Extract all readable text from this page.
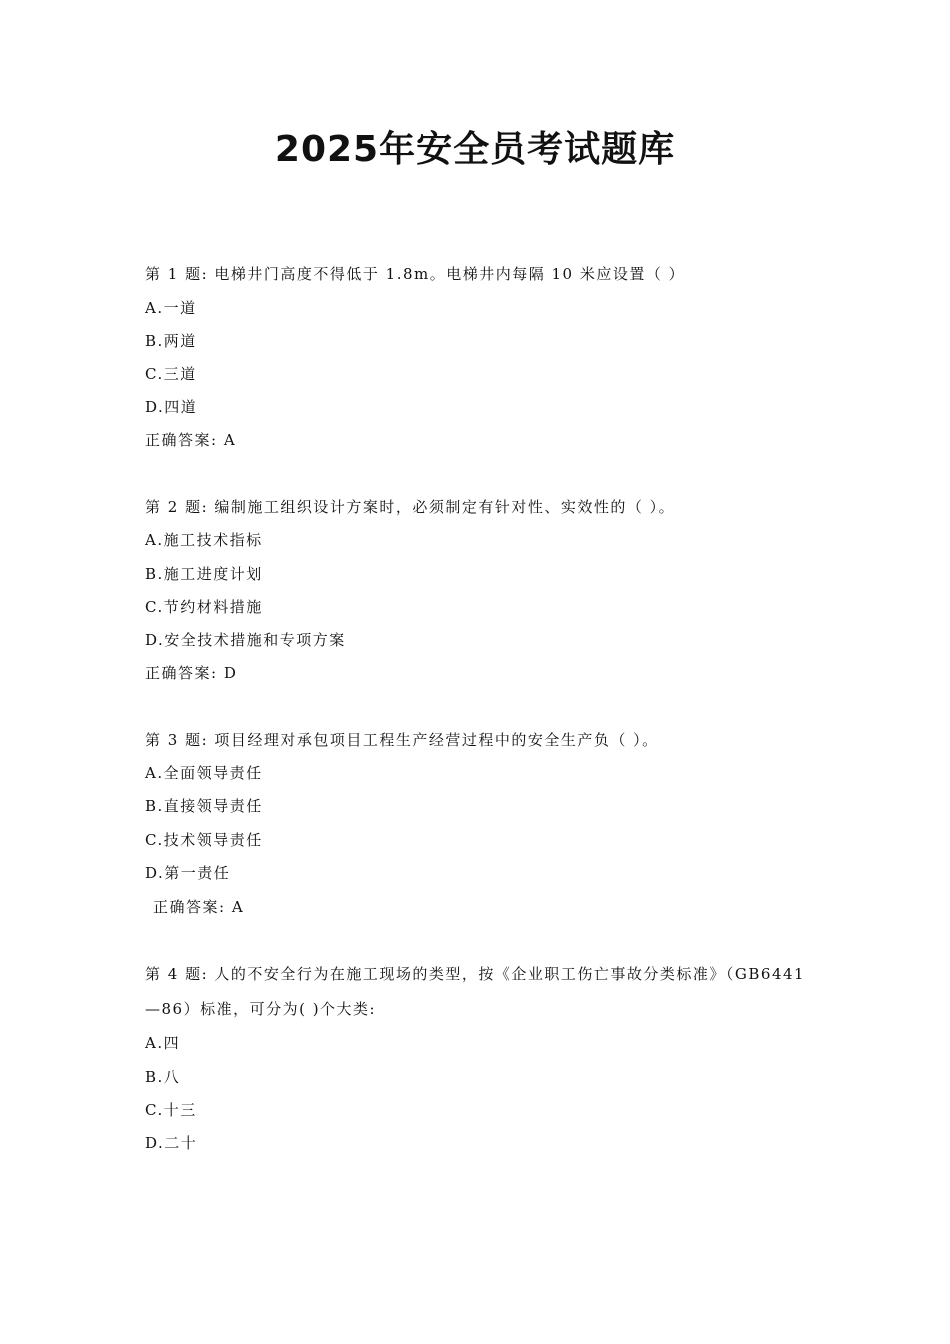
2025年安全员考试题库
第 1 题: 电梯井门高度不得低于 1.8m。电梯井内每隔 10 米应设置（ ）
A.一道
B.两道
C.三道
D.四道
正确答案: A
第 2 题: 编制施工组织设计方案时，必须制定有针对性、实效性的（ ）。
A.施工技术指标
B.施工进度计划
C.节约材料措施
D.安全技术措施和专项方案
正确答案: D
第 3 题: 项目经理对承包项目工程生产经营过程中的安全生产负（ ）。
A.全面领导责任
B.直接领导责任
C.技术领导责任
D.第一责任
正确答案: A
第 4 题: 人的不安全行为在施工现场的类型，按《企业职工伤亡事故分类标准》（GB6441
—86）标准，可分为( )个大类:
A.四
B.八
C.十三
D.二十
